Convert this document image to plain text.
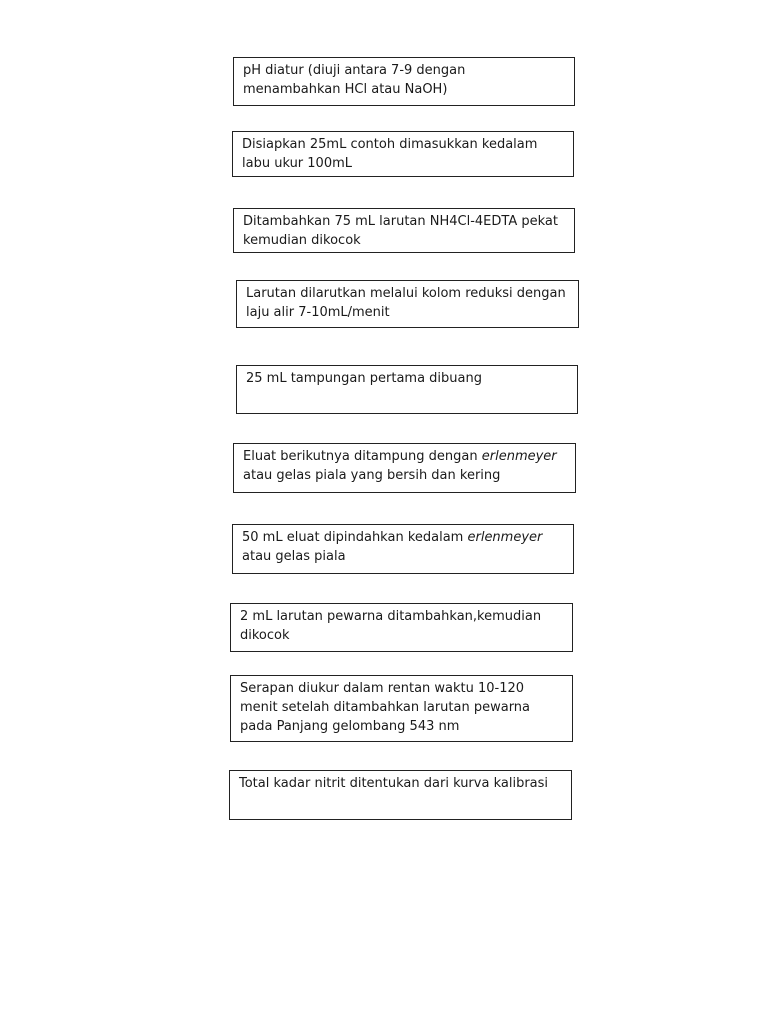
pH diatur (diuji antara 7-9 dengan menambahkan HCl atau NaOH)
Disiapkan 25mL contoh dimasukkan kedalam labu ukur 100mL
Ditambahkan 75 mL larutan NH4Cl-4EDTA pekat kemudian dikocok
Larutan dilarutkan melalui kolom reduksi dengan laju alir 7-10mL/menit
25 mL tampungan pertama dibuang
Eluat berikutnya ditampung dengan erlenmeyer atau gelas piala yang bersih dan kering
50 mL eluat dipindahkan kedalam erlenmeyer atau gelas piala
2 mL larutan pewarna ditambahkan,kemudian dikocok
Serapan diukur dalam rentan waktu 10-120 menit setelah ditambahkan larutan pewarna pada Panjang gelombang 543 nm
Total kadar nitrit ditentukan dari kurva kalibrasi
